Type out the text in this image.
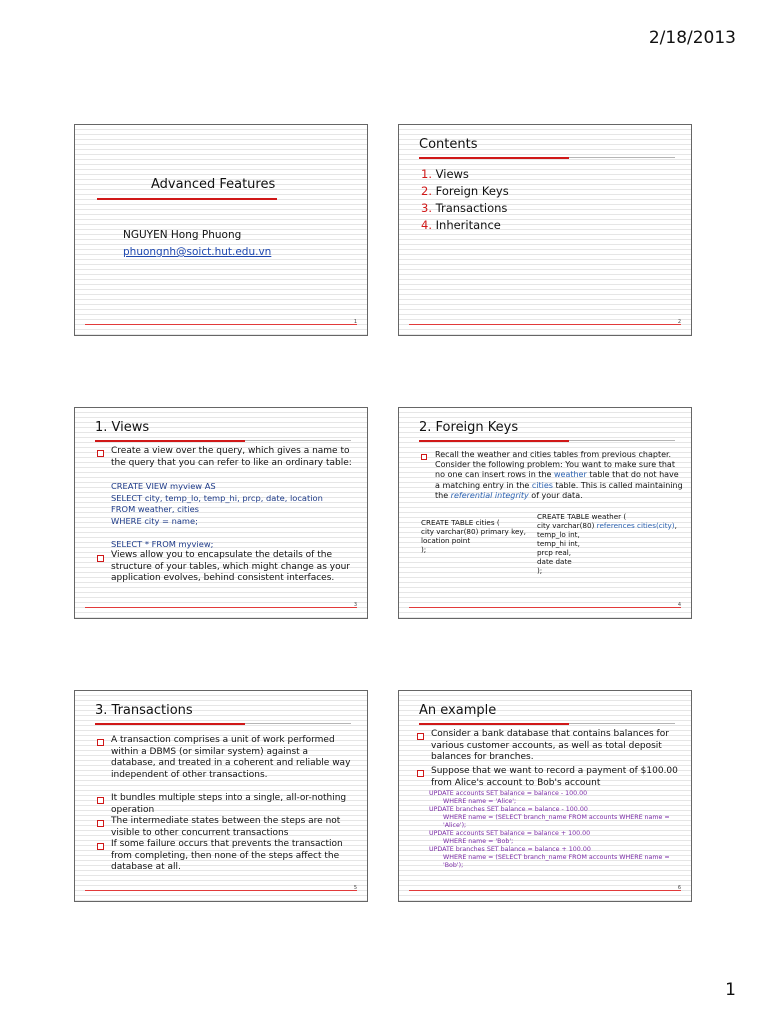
2/18/2013
Advanced Features
NGUYEN Hong Phuong
phuongnh@soict.hut.edu.vn
1
Contents
1. Views
2. Foreign Keys
3. Transactions
4. Inheritance
2
1. Views
Create a view over the query, which gives a name to the query that you can refer to like an ordinary table:
CREATE VIEW myview AS
SELECT city, temp_lo, temp_hi, prcp, date, location
FROM weather, cities
WHERE city = name;
SELECT * FROM myview;
Views allow you to encapsulate the details of the structure of your tables, which might change as your application evolves, behind consistent interfaces.
3
2. Foreign Keys
Recall the weather and cities tables from previous chapter. Consider the following problem: You want to make sure that no one can insert rows in the weather table that do not have a matching entry in the cities table. This is called maintaining the referential integrity of your data.
CREATE TABLE cities (
city varchar(80) primary key,
location point
);
CREATE TABLE weather (
city varchar(80) references cities(city),
temp_lo int,
temp_hi int,
prcp real,
date date
);
4
3. Transactions
A transaction comprises a unit of work performed within a DBMS (or similar system) against a database, and treated in a coherent and reliable way independent of other transactions.
It bundles multiple steps into a single, all-or-nothing operation
The intermediate states between the steps are not visible to other concurrent transactions
If some failure occurs that prevents the transaction from completing, then none of the steps affect the database at all.
5
An example
Consider a bank database that contains balances for various customer accounts, as well as total deposit balances for branches.
Suppose that we want to record a payment of $100.00 from Alice's account to Bob's account
UPDATE accounts SET balance = balance - 100.00
WHERE name = 'Alice';
UPDATE branches SET balance = balance - 100.00
WHERE name = (SELECT branch_name FROM accounts WHERE name = 'Alice');
UPDATE accounts SET balance = balance + 100.00
WHERE name = 'Bob';
UPDATE branches SET balance = balance + 100.00
WHERE name = (SELECT branch_name FROM accounts WHERE name = 'Bob');
6
1
